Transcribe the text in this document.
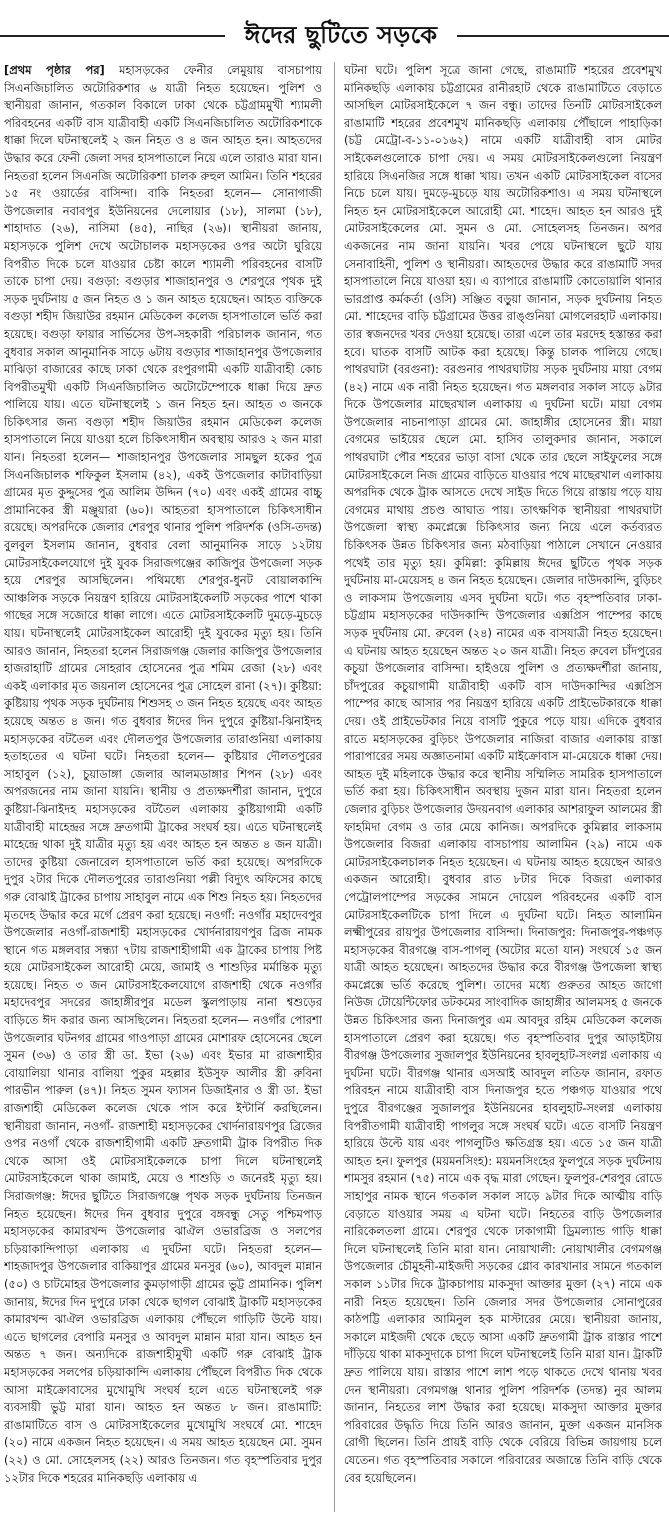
ঈদের ছুটিতে সড়কে

[প্রথম পৃষ্ঠার পর] মহাসড়কের ফেনীর লেমুয়ায় বাসচাপায় সিএনজিচালিত অটোরিকশার ৬ যাত্রী নিহত হয়েছেন। পুলিশ ও স্থানীয়রা জানান, গতকাল বিকালে ঢাকা থেকে চট্টগ্রামমুখী শ্যামলী পরিবহনের একটি বাস যাত্রীবাহী একটি সিএনজিচালিত অটোরিকশাকে ধাক্কা দিলে ঘটনাস্থলেই ২ জন নিহত ও ৪ জন আহত হন। আহতদের উদ্ধার করে ফেনী জেলা সদর হাসপাতালে নিয়ে এলে তারাও মারা যান। নিহতরা হলেন সিএনজি অটোরিকশা চালক রুহুল আমিন। তিনি শহরের ১৫ নং ওয়ার্ডের বাসিন্দা। বাকি নিহতরা হলেন— সোনাগাজী উপজেলার নবাবপুর ইউনিয়নের দেলোয়ার (১৮), সালমা (১৮), শাহাদাত (২৬), নাসিমা (৪৫), নাছির (২৬)। স্থানীয়রা জানায়, মহাসড়কে পুলিশ দেখে অটোচালক মহাসড়কের ওপর অটো ঘুরিয়ে বিপরীত দিকে চলে যাওয়ার চেষ্টা কালে শ্যামলী পরিবহনের বাসটি তাকে চাপা দেয়। বগুড়া: বগুড়ার শাজাহানপুর ও শেরপুরে পৃথক দুই সড়ক দুর্ঘটনায় ৫ জন নিহত ও ১ জন আহত হয়েছেন। আহত ব্যক্তিকে বগুড়া শহীদ জিয়াউর রহমান মেডিকেল কলেজ হাসপাতালে ভর্তি করা হয়েছে। বগুড়া ফায়ার সার্ভিসের উপ-সহকারী পরিচালক জানান, গত বুধবার সকাল আনুমানিক সাড়ে ৬টায় বগুড়ার শাজাহানপুর উপজেলার মাঝিড়া বাজারের কাছে ঢাকা থেকে রংপুরগামী একটি যাত্রীবাহী কোচ বিপরীতমুখী একটি সিএনজিচালিত অটোটেম্পোকে ধাক্কা দিয়ে দ্রুত পালিয়ে যায়। এতে ঘটনাস্থলেই ১ জন নিহত হন। আহত ৩ জনকে চিকিৎসার জন্য বগুড়া শহীদ জিয়াউর রহমান মেডিকেল কলেজ হাসপাতালে নিয়ে যাওয়া হলে চিকিৎসাধীন অবস্থায় আরও ২ জন মারা যান। নিহতরা হলেন— শাজাহানপুর উপজেলার সামছুল হকের পুত্র সিএনজিচালক শফিকুল ইসলাম (৪২), একই উপজেলার কাটাবাড়িয়া গ্রামের মৃত কুদ্দুসের পুত্র আলিম উদ্দিন (৭০) এবং একই গ্রামের বাচ্চু প্রামানিকের স্ত্রী মঞ্জুয়ারা (৬০)। আহতরা হাসপাতালে চিকিৎসাধীন রয়েছে। অপরদিকে জেলার শেরপুর থানার পুলিশ পরিদর্শক (ওসি-তদন্ত) বুলবুল ইসলাম জানান, বুধবার বেলা আনুমানিক সাড়ে ১২টায় মোটরসাইকেলযোগে দুই যুবক সিরাজগঞ্জের কাজিপুর উপজেলা সড়ক হয়ে শেরপুর আসছিলেন। পথিমধ্যে শেরপুর-ধুনট বোয়ালকান্দি আঞ্চলিক সড়কে নিয়ন্ত্রণ হারিয়ে মোটরসাইকেলটি সড়কের পাশে থাকা গাছের সঙ্গে সজোরে ধাক্কা লাগে। এতে মোটরসাইকেলটি দুমড়ে-মুচড়ে যায়। ঘটনাস্থলেই মোটরসাইকেল আরোহী দুই যুবকের মৃত্যু হয়। তিনি আরও জানান, নিহতরা হলেন সিরাজগঞ্জ জেলার কাজিপুর উপজেলার হাজরাহাটি গ্রামের সোহরাব হোসেনের পুত্র শমিম রেজা (২৮) এবং একই এলাকার মৃত জয়নাল হোসেনের পুত্র সোহেল রানা (২৭)। কুষ্টিয়া: কুষ্টিয়ায় পৃথক সড়ক দুর্ঘটনায় শিশুসহ ৩ জন নিহত হয়েছে এবং আহত হয়েছে অন্তত ৪ জন। গত বুধবার ঈদের দিন দুপুরে কুষ্টিয়া-ঝিনাইদহ মহাসড়কের বটতৈল এবং দৌলতপুর উপজেলার তারাগুনিয়া এলাকায় হতাহতের এ ঘটনা ঘটে। নিহতরা হলেন— কুষ্টিয়ার দৌলতপুরের সাহাবুল (১২), চুয়াডাঙ্গা জেলার আলমডাঙ্গার শিপন (২৮) এবং অপরজনের নাম জানা যায়নি। স্থানীয় ও প্রত্যক্ষদর্শীরা জানান, দুপুরে কুষ্টিয়া-ঝিনাইদহ মহাসড়কের বটতৈল এলাকায় কুষ্টিয়াগামী একটি যাত্রীবাহী মাহেন্দ্রর সঙ্গে দ্রুতগামী ট্রাকের সংঘর্ষ হয়। এতে ঘটনাস্থলেই মাহেন্দ্রে থাকা দুই যাত্রীর মৃত্যু হয় এবং আহত হন অন্তত ৪ জন যাত্রী। তাদের কুষ্টিয়া জেনারেল হাসপাতালে ভর্তি করা হয়েছে। অপরদিকে দুপুর ২টার দিকে দৌলতপুরের তারাগুনিয়া পল্লী বিদ্যুৎ অফিসের কাছে গরু বোঝাই ট্রাকের চাপায় সাহাবুল নামে এক শিশু নিহত হয়। নিহতদের মৃতদেহ উদ্ধার করে মর্গে প্রেরণ করা হয়েছে। নওগাঁ: নওগাঁর মহাদেবপুর উপজেলার নওগাঁ-রাজশাহী মহাসড়কের খোর্দনারায়ণপুর ব্রিজ নামক স্থানে গত মঙ্গলবার সন্ধ্যা ৭টায় রাজশাহীগামী এক ট্রাকের চাপায় পিষ্ট হয়ে মোটরসাইকেল আরোহী মেয়ে, জামাই ও শাশুড়ির মর্মান্তিক মৃত্যু হয়েছে। নিহত ৩ জন মোটরসাইকেলযোগে রাজশাহী থেকে নওগাঁর মহাদেবপুর সদরের জাহাঙ্গীরপুর মডেল স্কুলপাড়ায় নানা শ্বশুড়ের বাড়িতে ঈদ করার জন্য আসছিলেন। নিহতরা হলেন— নওগাঁর পোরশা উপজেলার ঘটনগর গ্রামের গাওপাড়া গ্রামের মোশারফ হোসেনের ছেলে সুমন (৩৬) ও তার স্ত্রী ডা. ইভা (২৬) এবং ইভার মা রাজশাহীর বোয়ালিয়া থানার বালিয়া পুকুর মহল্লার ইউসুফ আলীর স্ত্রী রুবিনা পারভীন পারুল (৪৭)। নিহত সুমন ফ্যাসন ডিজাইনার ও স্ত্রী ডা. ইভা রাজশাহী মেডিকেল কলেজ থেকে পাস করে ইন্টার্নি করছিলেন। স্থানীয়রা জানান, নওগাঁ- রাজশাহী মহাসড়কের খোর্দনারায়ণপুর ব্রিজের ওপর নওগাঁ থেকে রাজশাহীগামী একটি দ্রুতগামী ট্রাক বিপরীত দিক থেকে আসা ওই মোটরসাইকেলকে চাপা দিলে ঘটনাস্থলেই মোটরসাইকেলে থাকা জামাই, মেয়ে ও শাশুড়ি ৩ জনেরই মৃত্যু হয়। সিরাজগঞ্জ: ঈদের ছুটিতে সিরাজগঞ্জে পৃথক সড়ক দুর্ঘটনায় তিনজন নিহত হয়েছেন। ঈদের দিন বুধবার দুপুরে বঙ্গবন্ধু সেতু পশ্চিমপাড় মহাসড়কের কামারখন্দ উপজেলার ঝাঐল ওভারব্রিজ ও সলপের চড়িয়াকান্দিপাড়া এলাকায় এ দুর্ঘটনা ঘটে। নিহতরা হলেন— শাহজাদপুর উপজেলার বাকিয়াপুর গ্রামের মনসুর (৬০), আবদুল মান্নান (৫০) ও চাটমোহর উপজেলার কুমড়াগাড়ী গ্রামের ভুট্ট প্রামানিক। পুলিশ জানায়, ঈদের দিন দুপুরে ঢাকা থেকে ছাগল বোঝাই ট্রাকটি মহাসড়কের কামারখন্দ ঝাঐল ওভারব্রিজ এলাকায় পৌঁছলে গাড়িটি উল্টে যায়। এতে ছাগলের বেপারি মনসুর ও আবদুল মান্নান মারা যান। আহত হন অন্তত ৭ জন। অন্যদিকে রাজশাহীমুখী একটি গরু বোঝাই ট্রাক মহাসড়কের সলপের চড়িয়াকান্দি এলাকায় পৌঁছলে বিপরীত দিক থেকে আসা মাইক্রোবাসের মুখোমুখি সংঘর্ষ হলে এতে ঘটনাস্থলেই গরু ব্যবসায়ী ভুট্ট মারা যান। আহত হন অন্তত ৮ জন। রাঙামাটি: রাঙামাটিতে বাস ও মোটরসাইকেলের মুখোমুখি সংঘর্ষে মো. শাহেদ (২০) নামে একজন নিহত হয়েছেন। এ সময় আহত হয়েছেন মো. সুমন (২২) ও মো. সোহেলসহ (২২) আরও তিনজন। গত বৃহস্পতিবার দুপুর ১২টার দিকে শহরের মানিকছড়ি এলাকায় এ

ঘটনা ঘটে। পুলিশ সূত্রে জানা গেছে, রাঙামাটি শহরের প্রবেশমুখ মানিকছড়ি এলাকায় চট্টগ্রামের রানীরহাট থেকে রাঙামাটিতে বেড়াতে আসছিল মোটরসাইকেলে ৭ জন বন্ধু। তাদের তিনটি মোটরসাইকেল রাঙামাটি শহরের প্রবেশমুখ মানিকছড়ি এলাকায় পৌঁছালে পাহাড়িকা (চট্ট মেট্রো-ব-১১-০১৬২) নামে একটি যাত্রীবাহী বাস মোটর সাইকেলগুলোকে চাপা দেয়। এ সময় মোটরসাইকেলগুলো নিয়ন্ত্রণ হারিয়ে সিএনজির সঙ্গে ধাক্কা খায়। তখন একটি মোটরসাইকেল বাসের নিচে চলে যায়। দুমড়ে-মুচড়ে যায় অটোরিকশাও। এ সময় ঘটনাস্থলে নিহত হন মোটরসাইকেলে আরোহী মো. শাহেদ। আহত হন আরও দুই মোটরসাইকেলের মো. সুমন ও মো. সোহেলসহ তিনজন। অপর একজনের নাম জানা যায়নি। খবর পেয়ে ঘটনাস্থলে ছুটে যায় সেনাবাহিনী, পুলিশ ও স্থানীয়রা। আহতদের উদ্ধার করে রাঙামাটি সদর হাসপাতালে নিয়ে যাওয়া হয়। এ ব্যাপারে রাঙামাটি কোতোয়ালি থানার ভারপ্রাপ্ত কর্মকর্তা (ওসি) সঞ্জিত বড়ুয়া জানান, সড়ক দুর্ঘটনায় নিহত মো. শাহেদের বাড়ি চট্টগ্রামের উত্তর রাঙ্গুনিয়া মোগলেরহাট এলাকায়। তার স্বজনদের খবর দেওয়া হয়েছে। তারা এলে তার মরদেহ হস্তান্তর করা হবে। ঘাতক বাসটি আটক করা হয়েছে। কিন্তু চালক পালিয়ে গেছে। পাথরঘাটা (বরগুনা): বরগুনার পাথরঘাটায় সড়ক দুর্ঘটনায় মায়া বেগম (৪২) নামে এক নারী নিহত হয়েছেন। গত মঙ্গলবার সকাল সাড়ে ৯টার দিকে উপজেলার মাছেরখাল এলাকায় এ দুর্ঘটনা ঘটে। মায়া বেগম উপজেলার নাচনাপাড়া গ্রামের মো. জাহাঙ্গীর হোসেনের স্ত্রী। মায়া বেগমের ভাইয়ের ছেলে মো. হাসিব তালুকদার জানান, সকালে পাথরঘাটা পৌর শহরের ভাড়া বাসা থেকে তার ছেলে সাইফুলের সঙ্গে মোটরসাইকেলে নিজ গ্রামের বাড়িতে যাওয়ার পথে মাছেরখাল এলাকায় অপরদিক থেকে ট্রাক আসতে দেখে সাইড দিতে গিয়ে রাস্তায় পড়ে যায় বেগমের মাথায় প্রচণ্ড আঘাত পায়। তাৎক্ষণিক স্থানীয়রা পাথরঘাটা উপজেলা স্বাস্থ্য কমপ্লেক্সে চিকিৎসার জন্য নিয়ে এলে কর্তব্যরত চিকিৎসক উন্নত চিকিৎসার জন্য মঠবাড়িয়া পাঠালে সেখানে নেওয়ার পথেই তার মৃত্যু হয়। কুমিল্লা: কুমিল্লায় ঈদের ছুটিতে পৃথক সড়ক দুর্ঘটনায় মা-মেয়েসহ ৪ জন নিহত হয়েছেন। জেলার দাউদকান্দি, বুড়িচং ও লাকসাম উপজেলায় এসব দুর্ঘটনা ঘটে। গত বৃহস্পতিবার ঢাকা-চট্টগ্রাম মহাসড়কের দাউদকান্দি উপজেলার এক্সপ্রিস পাম্পের কাছে সড়ক দুর্ঘটনায় মো. রুবেল (২৪) নামের এক বাসযাত্রী নিহত হয়েছেন। এ ঘটনায় আহত হয়েছেন অন্তত ২০ জন যাত্রী। নিহত রুবেল চাঁদপুরের কচুয়া উপজেলার বাসিন্দা। হাইওয়ে পুলিশ ও প্রত্যক্ষদর্শীরা জানায়, চাঁদপুরের কচুয়াগামী যাত্রীবাহী একটি বাস দাউদকান্দির এক্সপ্রিস পাম্পের কাছে আসার পর নিয়ন্ত্রণ হারিয়ে একটি প্রাইভেটকারকে ধাক্কা দেয়। ওই প্রাইভেটকার নিয়ে বাসটি পুকুরে পড়ে যায়। এদিকে বুধবার রাতে মহাসড়কের বুড়িচং উপজেলার নাজিরা বাজার এলাকায় রাস্তা পারাপারের সময় অজ্ঞাতনামা একটি মাইক্রোবাস মা-মেয়েকে ধাক্কা দেয়। আহত দুই মহিলাকে উদ্ধার করে স্থানীয় সম্মিলিত সামরিক হাসপাতালে ভর্তি করা হয়। চিকিৎসাধীন অবস্থায় দুজন মারা যান। নিহতরা হলেন জেলার বুড়িচং উপজেলার উদয়নবাগ এলাকার আশরাফুল আলমের স্ত্রী ফাহমিদা বেগম ও তার মেয়ে কানিজ। অপরদিকে কুমিল্লার লাকসাম উপজেলার বিজরা এলাকায় বাসচাপায় আলামিন (২৯) নামে এক মোটরসাইকেলচালক নিহত হয়েছেন। এ ঘটনায় আহত হয়েছেন আরও একজন আরোহী। বুধবার রাত ৮টার দিকে বিজরা এলাকার পেট্রোলপাম্পের সড়কের সামনে দোয়েল পরিবহনের একটি বাস মোটরসাইকেলটিকে চাপা দিলে এ দুর্ঘটনা ঘটে। নিহত আলামিন লক্ষ্মীপুরের রায়পুর উপজেলার বাসিন্দা। দিনাজপুর: দিনাজপুর-পঞ্চগড় মহাসড়কের বীরগঞ্জে বাস-পাগলু (অটোর মতো যান) সংঘর্ষে ১৫ জন যাত্রী আহত হয়েছেন। আহতদের উদ্ধার করে বীরগঞ্জ উপজেলা স্বাস্থ্য কমপ্লেক্সে ভর্তি করেছে পুলিশ। তাদের মধ্যে গুরুতর আহত জাগো নিউজ টোয়েন্টিফোর ডটকমের সাংবাদিক জাহাঙ্গীর আলমসহ ৫ জনকে উন্নত চিকিৎসার জন্য দিনাজপুর এম আবদুর রহিম মেডিকেল কলেজ হাসপাতালে প্রেরণ করা হয়েছে। গত বৃহস্পতিবার দুপুর আড়াইটায় বীরগঞ্জ উপজেলার সুজালপুর ইউনিয়নের হাবলুহাট-সংলগ্ন এলাকায় এ দুর্ঘটনা ঘটে। বীরগঞ্জ থানার এসআই আবদুল লতিফ জানান, রফাত পরিবহন নামে যাত্রীবাহী বাস দিনাজপুর হতে পঞ্চগড় যাওয়ার পথে দুপুরে বীরগঞ্জের সুজালপুর ইউনিয়নের হাবলুহাট-সংলগ্ন এলাকায় বিপরীতগামী যাত্রীবাহী পাগলুর সঙ্গে সংঘর্ষ ঘটে। এতে বাসটি নিয়ন্ত্রণ হারিয়ে উল্টে যায় এবং পাগলুটিও ক্ষতিগ্রস্ত হয়। এতে ১৫ জন যাত্রী আহত হন। ফুলপুর (ময়মনসিংহ): ময়মনসিংহের ফুলপুরে সড়ক দুর্ঘটনায় শামসুর রহমান (৭৫) নামে এক বৃদ্ধ মারা গেছেন। ফুলপুর-শেরপুর রোডে সাহাপুর নামক স্থানে গতকাল সকাল সাড়ে ৯টার দিকে আত্মীয় বাড়ি বেড়াতে যাওয়ার সময় এ ঘটনা ঘটে। নিহতের বাড়ি উপজেলার নারিকেলতলা গ্রামে। শেরপুর থেকে ঢাকাগামী ড্রিমল্যান্ড গাড়ি ধাক্কা দিলে ঘটনাস্থলেই তিনি মারা যান। নোয়াখালী: নোয়াখালীর বেগমগঞ্জ উপজেলার চৌমুহনী-মাইজদী সড়কের গ্লোব কারখানার সামনে গতকাল সকাল ১১টার দিকে ট্রাকচাপায় মাকসুদা আক্তার মুক্তা (২৭) নামে এক নারী নিহত হয়েছেন। তিনি জেলার সদর উপজেলার সোনাপুরের কাঠপট্টি এলাকার আমিনুল হক মাস্টারের মেয়ে। স্থানীয়রা জানায়, সকালে মাইজদী থেকে ছেড়ে আসা একটি দ্রুতগামী ট্রাক রাস্তার পাশে দাঁড়িয়ে থাকা মাকসুদাকে চাপা দিলে ঘটনাস্থলেই তিনি মারা যান। ট্রাকটি দ্রুত পালিয়ে যায়। রাস্তার পাশে লাশ পড়ে থাকতে দেখে থানায় খবর দেন স্থানীয়রা। বেগমগঞ্জ থানার পুলিশ পরিদর্শক (তদন্ত) নুর আলম জানান, নিহতের লাশ উদ্ধার করা হয়েছে। মাকসুদা আক্তার মুক্তার পরিবারের উদ্ধৃতি দিয়ে তিনি আরও জানান, মুক্তা একজন মানসিক রোগী ছিলেন। তিনি প্রায়ই বাড়ি থেকে বেরিয়ে বিভিন্ন জায়গায় চলে যেতেন। গত বৃহস্পতিবার সকালে পরিবারের অজান্তে তিনি বাড়ি থেকে বের হয়েছিলেন।
